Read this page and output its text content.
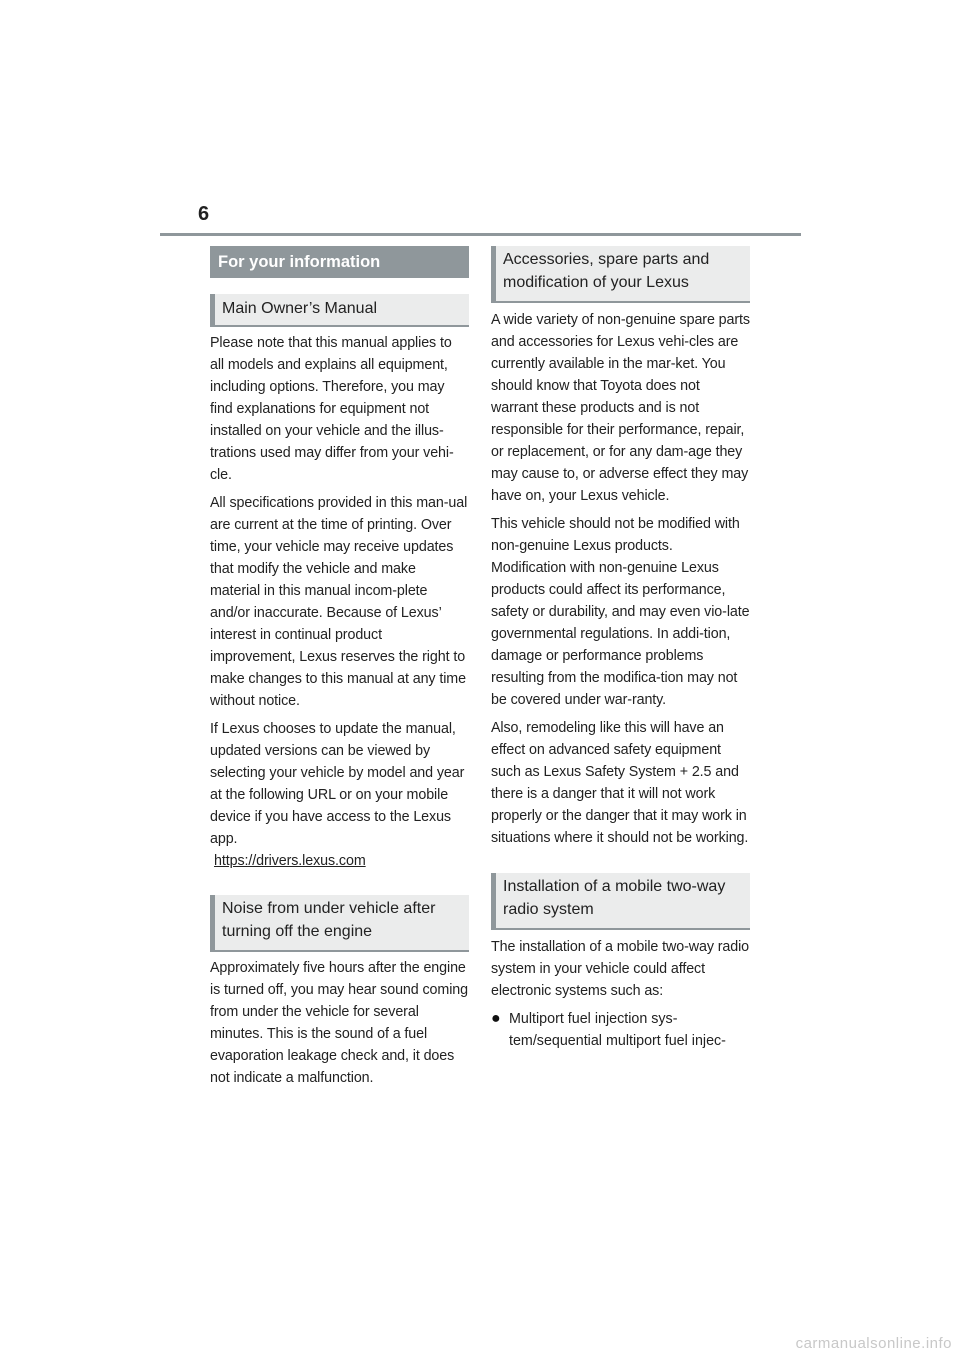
6
For your information
Main Owner’s Manual

Please note that this manual applies to all models and explains all equipment, including options. Therefore, you may find explanations for equipment not installed on your vehicle and the illus-trations used may differ from your vehi-cle.

All specifications provided in this man-ual are current at the time of printing. Over time, your vehicle may receive updates that modify the vehicle and make material in this manual incom-plete and/or inaccurate. Because of Lexus’ interest in continual product improvement, Lexus reserves the right to make changes to this manual at any time without notice.

If Lexus chooses to update the manual, updated versions can be viewed by selecting your vehicle by model and year at the following URL or on your mobile device if you have access to the Lexus app.

https://drivers.lexus.com

Noise from under vehicle after
turning off the engine

Approximately five hours after the engine is turned off, you may hear sound coming from under the vehicle for several minutes. This is the sound of a fuel evaporation leakage check and, it does not indicate a malfunction.

Accessories, spare parts and
modification of your Lexus

A wide variety of non-genuine spare parts and accessories for Lexus vehi-cles are currently available in the mar-ket. You should know that Toyota does not warrant these products and is not responsible for their performance, repair, or replacement, or for any dam-age they may cause to, or adverse effect they may have on, your Lexus vehicle.

This vehicle should not be modified with non-genuine Lexus products. Modification with non-genuine Lexus products could affect its performance, safety or durability, and may even vio-late governmental regulations. In addi-tion, damage or performance problems resulting from the modifica-tion may not be covered under war-ranty.

Also, remodeling like this will have an effect on advanced safety equipment such as Lexus Safety System + 2.5 and there is a danger that it will not work properly or the danger that it may work in situations where it should not be working.

Installation of a mobile two-way
radio system

The installation of a mobile two-way radio system in your vehicle could affect electronic systems such as:

● Multiport fuel injection sys-tem/sequential multiport fuel injec-
carmanualsonline.info
